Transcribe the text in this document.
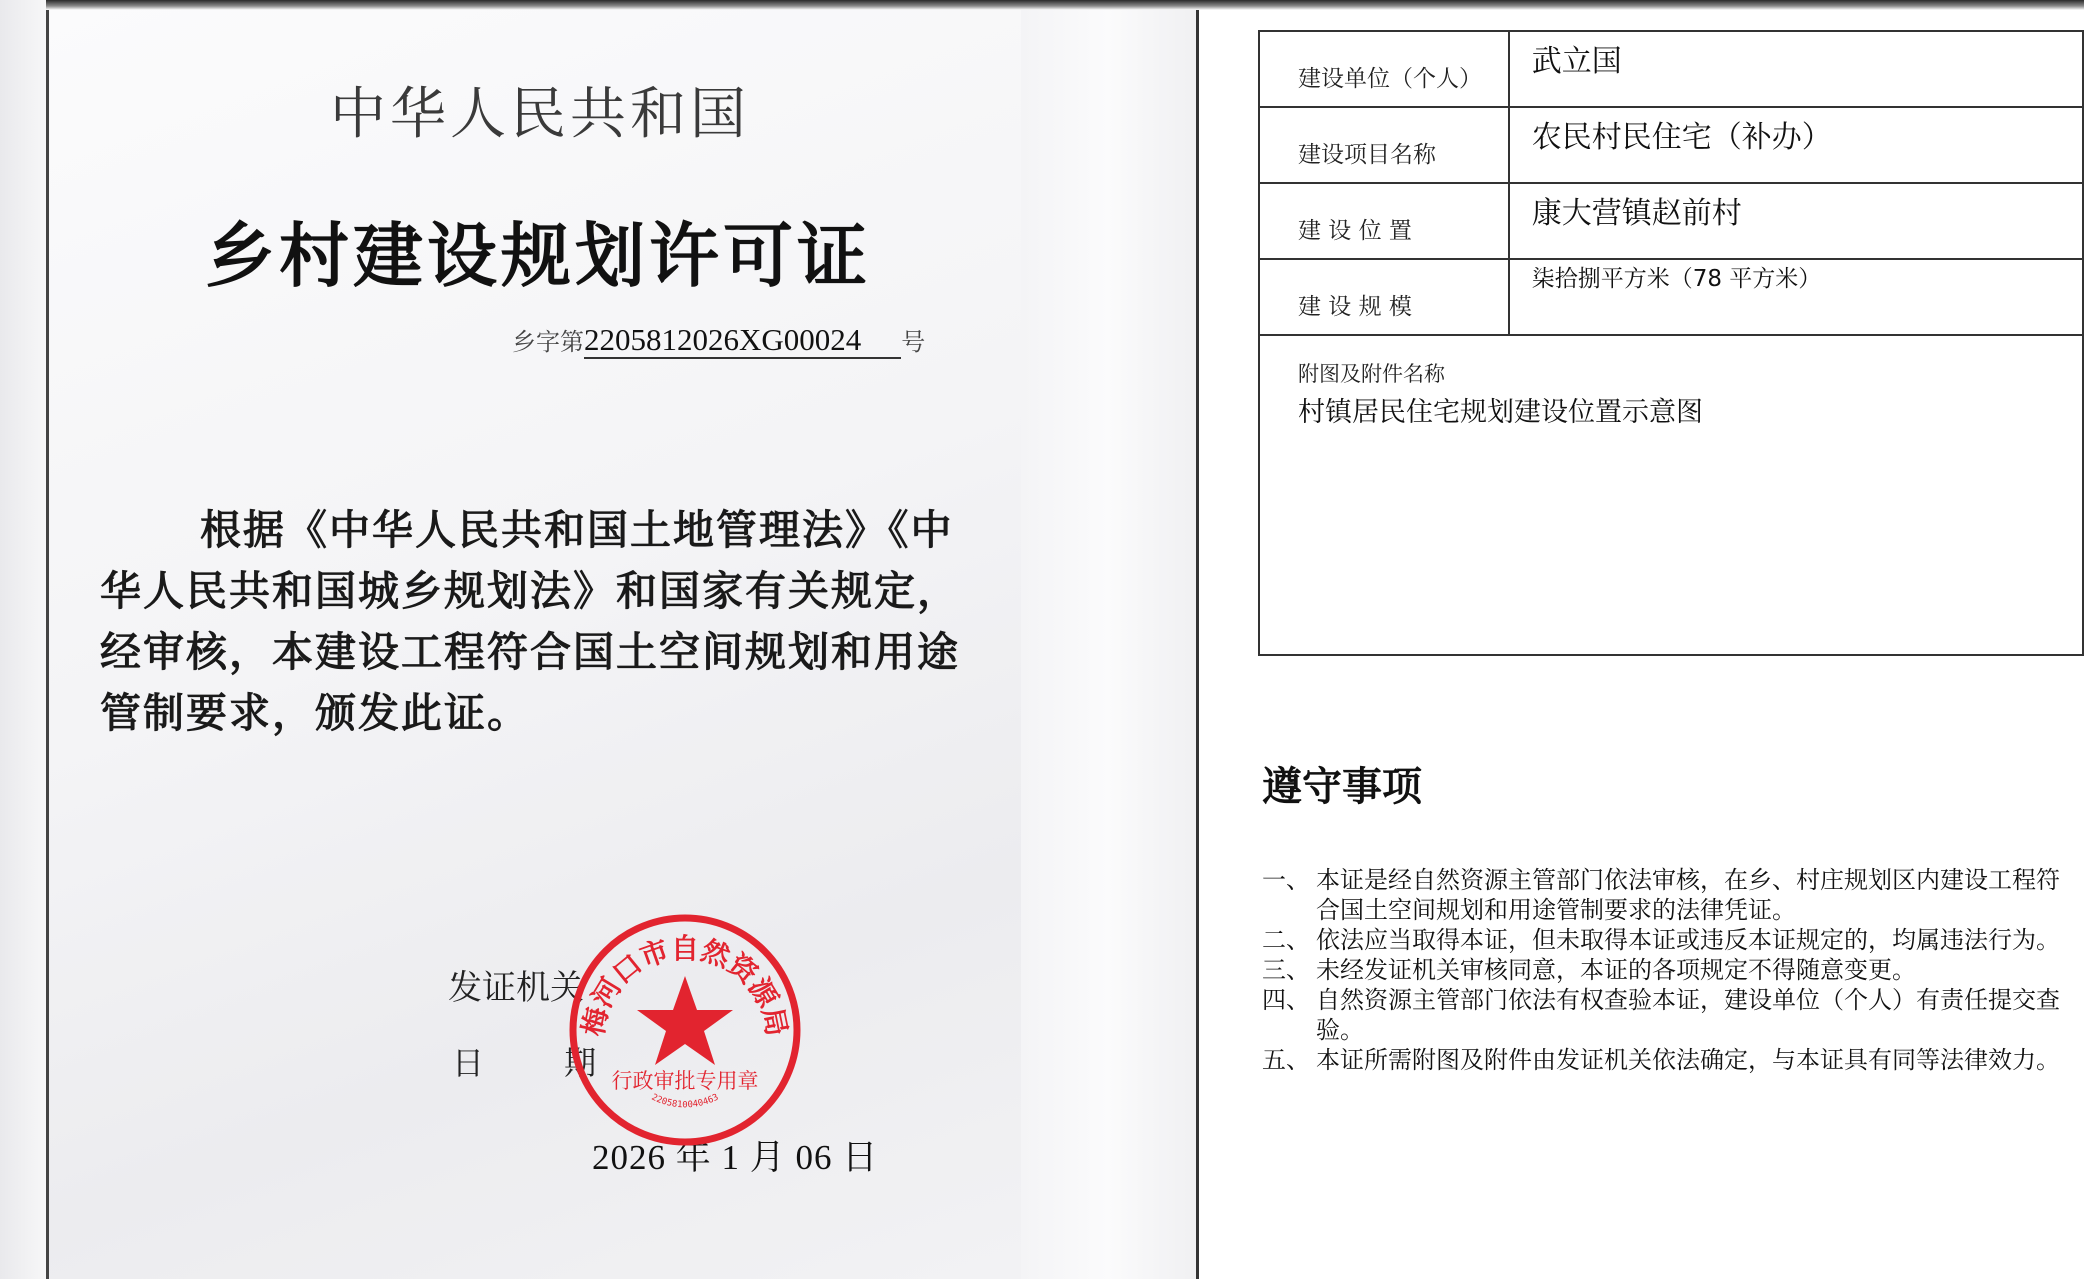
中华人民共和国
乡村建设规划许可证
乡字第2205812026XG00024 号
根据《中华人民共和国土地管理法》《中华人民共和国城乡规划法》和国家有关规定，经审核，本建设工程符合国土空间规划和用途管制要求，颁发此证。
发证机关
日 期
2026 年 1 月 06 日
梅河口市自然资源局
行政审批专用章
2205810040463
建设单位（个人）	武立国
建设项目名称	农民村民住宅（补办）
建 设 位 置	康大营镇赵前村
建 设 规 模	柒拾捌平方米（78 平方米）

附图及附件名称
村镇居民住宅规划建设位置示意图	
遵守事项
一、 本证是经自然资源主管部门依法审核，在乡、村庄规划区内建设工程符合国土空间规划和用途管制要求的法律凭证。
二、 依法应当取得本证，但未取得本证或违反本证规定的，均属违法行为。
三、 未经发证机关审核同意，本证的各项规定不得随意变更。
四、 自然资源主管部门依法有权查验本证，建设单位（个人）有责任提交查验。
五、 本证所需附图及附件由发证机关依法确定，与本证具有同等法律效力。
